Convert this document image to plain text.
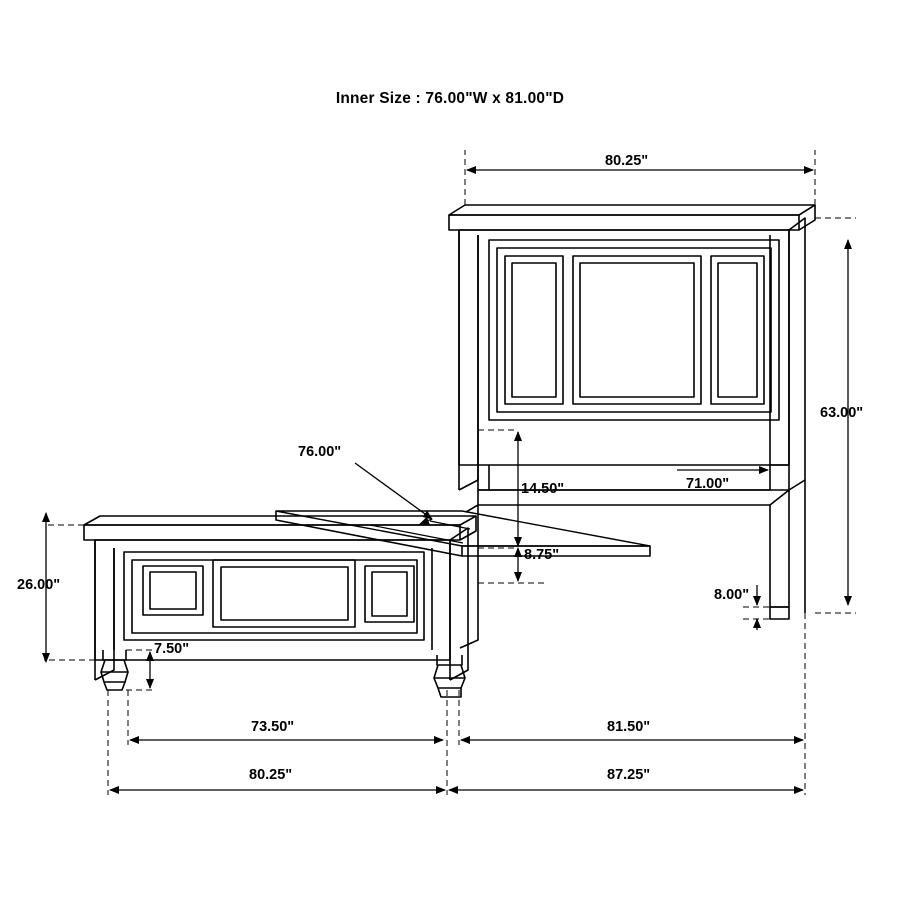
Inner Size : 76.00"W x 81.00"D
80.25"
63.00"
71.00"
76.00"
14.50"
8.75"
8.00"
26.00"
7.50"
73.50"	81.50"
80.25"	87.25"
